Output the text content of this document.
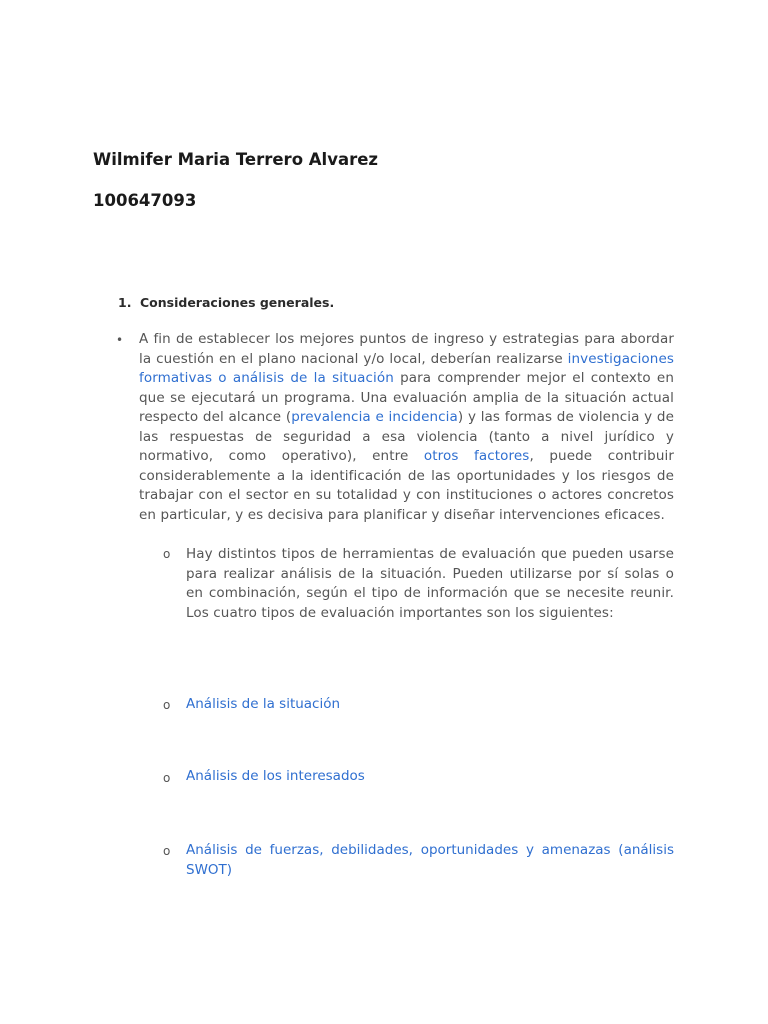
Wilmifer Maria Terrero Alvarez
100647093
1. Consideraciones generales.
• A fin de establecer los mejores puntos de ingreso y estrategias para abordar la cuestión en el plano nacional y/o local, deberían realizarse investigaciones formativas o análisis de la situación para comprender mejor el contexto en que se ejecutará un programa. Una evaluación amplia de la situación actual respecto del alcance (prevalencia e incidencia) y las formas de violencia y de las respuestas de seguridad a esa violencia (tanto a nivel jurídico y normativo, como operativo), entre otros factores, puede contribuir considerablemente a la identificación de las oportunidades y los riesgos de trabajar con el sector en su totalidad y con instituciones o actores concretos en particular, y es decisiva para planificar y diseñar intervenciones eficaces.
o Hay distintos tipos de herramientas de evaluación que pueden usarse para realizar análisis de la situación. Pueden utilizarse por sí solas o en combinación, según el tipo de información que se necesite reunir. Los cuatro tipos de evaluación importantes son los siguientes:
o Análisis de la situación
o Análisis de los interesados
o Análisis de fuerzas, debilidades, oportunidades y amenazas (análisis SWOT)
